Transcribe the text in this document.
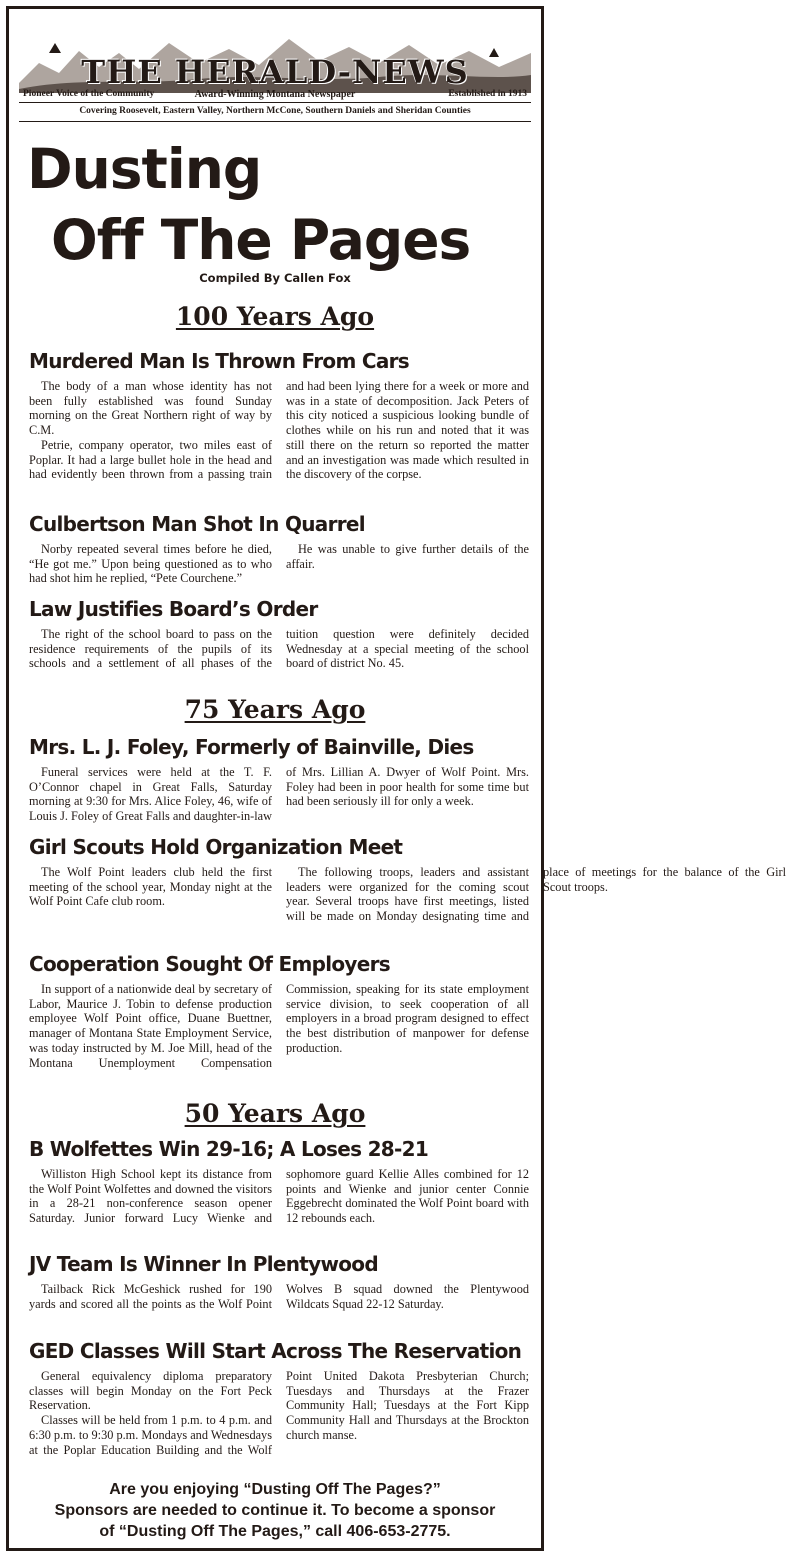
THE HERALD-NEWS
Pioneer Voice of the Community	Award-Winning Montana Newspaper	Established in 1913
Covering Roosevelt, Eastern Valley, Northern McCone, Southern Daniels and Sheridan Counties
Dusting
Off The Pages
Compiled By Callen Fox
100 Years Ago
Murdered Man Is Thrown From Cars

The body of a man whose identity has not been fully established was found Sunday morning on the Great Northern right of way by C.M.

Petrie, company operator, two miles east of Poplar. It had a large bullet hole in the head and had evidently been thrown from a passing train and had been lying there for a week or more and was in a state of decomposition. Jack Peters of this city noticed a suspicious looking bundle of clothes while on his run and noted that it was still there on the return so reported the matter and an investigation was made which resulted in the discovery of the corpse.

Culbertson Man Shot In Quarrel

Norby repeated several times before he died, “He got me.” Upon being questioned as to who had shot him he replied, “Pete Courchene.”

He was unable to give further details of the affair.

Law Justifies Board’s Order

The right of the school board to pass on the residence requirements of the pupils of its schools and a settlement of all phases of the tuition question were definitely decided Wednesday at a special meeting of the school board of district No. 45.

75 Years Ago
Mrs. L. J. Foley, Formerly of Bainville, Dies

Funeral services were held at the T. F. O’Connor chapel in Great Falls, Saturday morning at 9:30 for Mrs. Alice Foley, 46, wife of Louis J. Foley of Great Falls and daughter-in-law of Mrs. Lillian A. Dwyer of Wolf Point. Mrs. Foley had been in poor health for some time but had been seriously ill for only a week.

Girl Scouts Hold Organization Meet

The Wolf Point leaders club held the first meeting of the school year, Monday night at the Wolf Point Cafe club room.

The following troops, leaders and assistant leaders were organized for the coming scout year. Several troops have first meetings, listed will be made on Monday designating time and place of meetings for the balance of the Girl Scout troops.

Cooperation Sought Of Employers

In support of a nationwide deal by secretary of Labor, Maurice J. Tobin to defense production employee Wolf Point office, Duane Buettner, manager of Montana State Employment Service, was today instructed by M. Joe Mill, head of the Montana Unemployment Compensation Commission, speaking for its state employment service division, to seek cooperation of all employers in a broad program designed to effect the best distribution of manpower for defense production.

50 Years Ago
B Wolfettes Win 29-16; A Loses 28-21

Williston High School kept its distance from the Wolf Point Wolfettes and downed the visitors in a 28-21 non-conference season opener Saturday. Junior forward Lucy Wienke and sophomore guard Kellie Alles combined for 12 points and Wienke and junior center Connie Eggebrecht dominated the Wolf Point board with 12 rebounds each.

JV Team Is Winner In Plentywood

Tailback Rick McGeshick rushed for 190 yards and scored all the points as the Wolf Point Wolves B squad downed the Plentywood Wildcats Squad 22-12 Saturday.

GED Classes Will Start Across The Reservation

General equivalency diploma preparatory classes will begin Monday on the Fort Peck Reservation.

Classes will be held from 1 p.m. to 4 p.m. and 6:30 p.m. to 9:30 p.m. Mondays and Wednesdays at the Poplar Education Building and the Wolf Point United Dakota Presbyterian Church; Tuesdays and Thursdays at the Frazer Community Hall; Tuesdays at the Fort Kipp Community Hall and Thursdays at the Brockton church manse.

Are you enjoying “Dusting Off The Pages?”
Sponsors are needed to continue it. To become a sponsor
of “Dusting Off The Pages,” call 406-653-2775.
